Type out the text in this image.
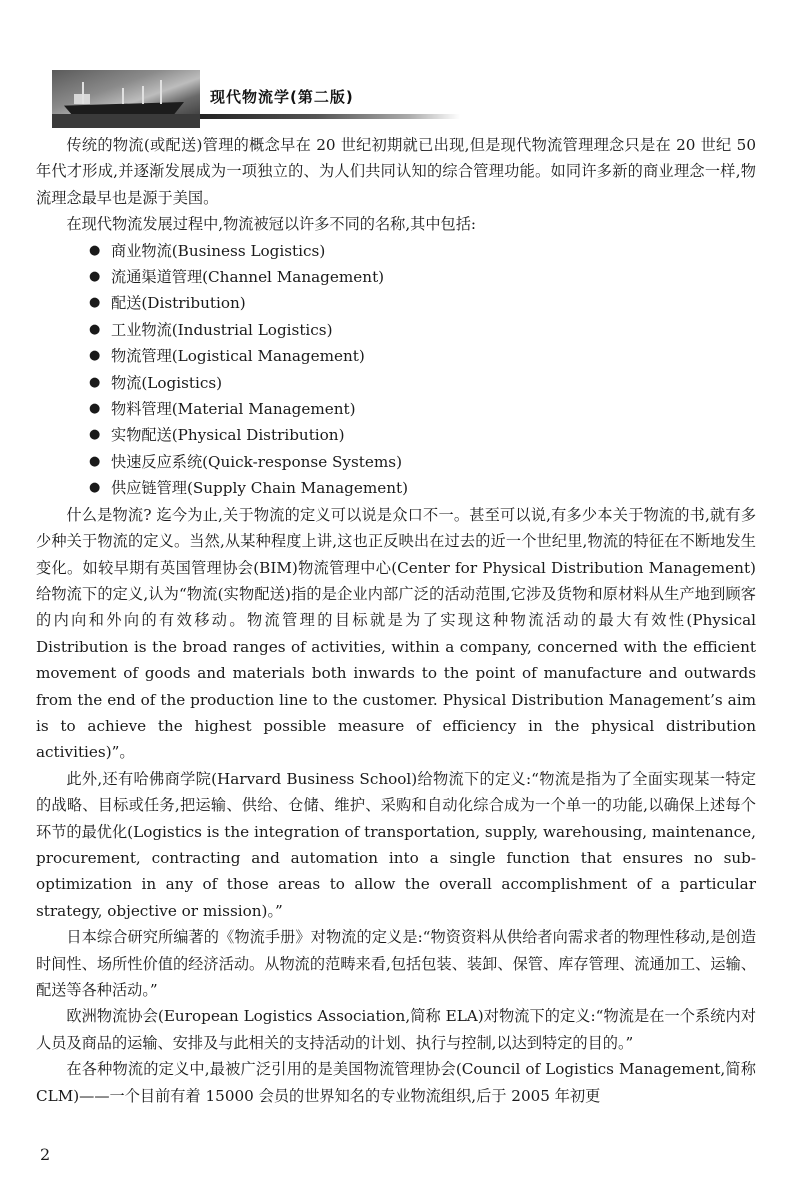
现代物流学(第二版)

传统的物流(或配送)管理的概念早在 20 世纪初期就已出现,但是现代物流管理理念只是在 20 世纪 50 年代才形成,并逐渐发展成为一项独立的、为人们共同认知的综合管理功能。如同许多新的商业理念一样,物流理念最早也是源于美国。

在现代物流发展过程中,物流被冠以许多不同的名称,其中包括:

● 商业物流(Business Logistics)
● 流通渠道管理(Channel Management)
● 配送(Distribution)
● 工业物流(Industrial Logistics)
● 物流管理(Logistical Management)
● 物流(Logistics)
● 物料管理(Material Management)
● 实物配送(Physical Distribution)
● 快速反应系统(Quick-response Systems)
● 供应链管理(Supply Chain Management)

什么是物流? 迄今为止,关于物流的定义可以说是众口不一。甚至可以说,有多少本关于物流的书,就有多少种关于物流的定义。当然,从某种程度上讲,这也正反映出在过去的近一个世纪里,物流的特征在不断地发生变化。如较早期有英国管理协会(BIM)物流管理中心(Center for Physical Distribution Management)给物流下的定义,认为“物流(实物配送)指的是企业内部广泛的活动范围,它涉及货物和原材料从生产地到顾客的内向和外向的有效移动。物流管理的目标就是为了实现这种物流活动的最大有效性(Physical Distribution is the broad ranges of activities, within a company, concerned with the efficient movement of goods and materials both inwards to the point of manufacture and outwards from the end of the production line to the customer. Physical Distribution Management’s aim is to achieve the highest possible measure of efficiency in the physical distribution activities)”。

此外,还有哈佛商学院(Harvard Business School)给物流下的定义:“物流是指为了全面实现某一特定的战略、目标或任务,把运输、供给、仓储、维护、采购和自动化综合成为一个单一的功能,以确保上述每个环节的最优化(Logistics is the integration of transportation, supply, warehousing, maintenance, procurement, contracting and automation into a single function that ensures no sub-optimization in any of those areas to allow the overall accomplishment of a particular strategy, objective or mission)。”

日本综合研究所编著的《物流手册》对物流的定义是:“物资资料从供给者向需求者的物理性移动,是创造时间性、场所性价值的经济活动。从物流的范畴来看,包括包装、装卸、保管、库存管理、流通加工、运输、配送等各种活动。”

欧洲物流协会(European Logistics Association,简称 ELA)对物流下的定义:“物流是在一个系统内对人员及商品的运输、安排及与此相关的支持活动的计划、执行与控制,以达到特定的目的。”

在各种物流的定义中,最被广泛引用的是美国物流管理协会(Council of Logistics Management,简称 CLM)——一个目前有着 15000 会员的世界知名的专业物流组织,后于 2005 年初更

2
